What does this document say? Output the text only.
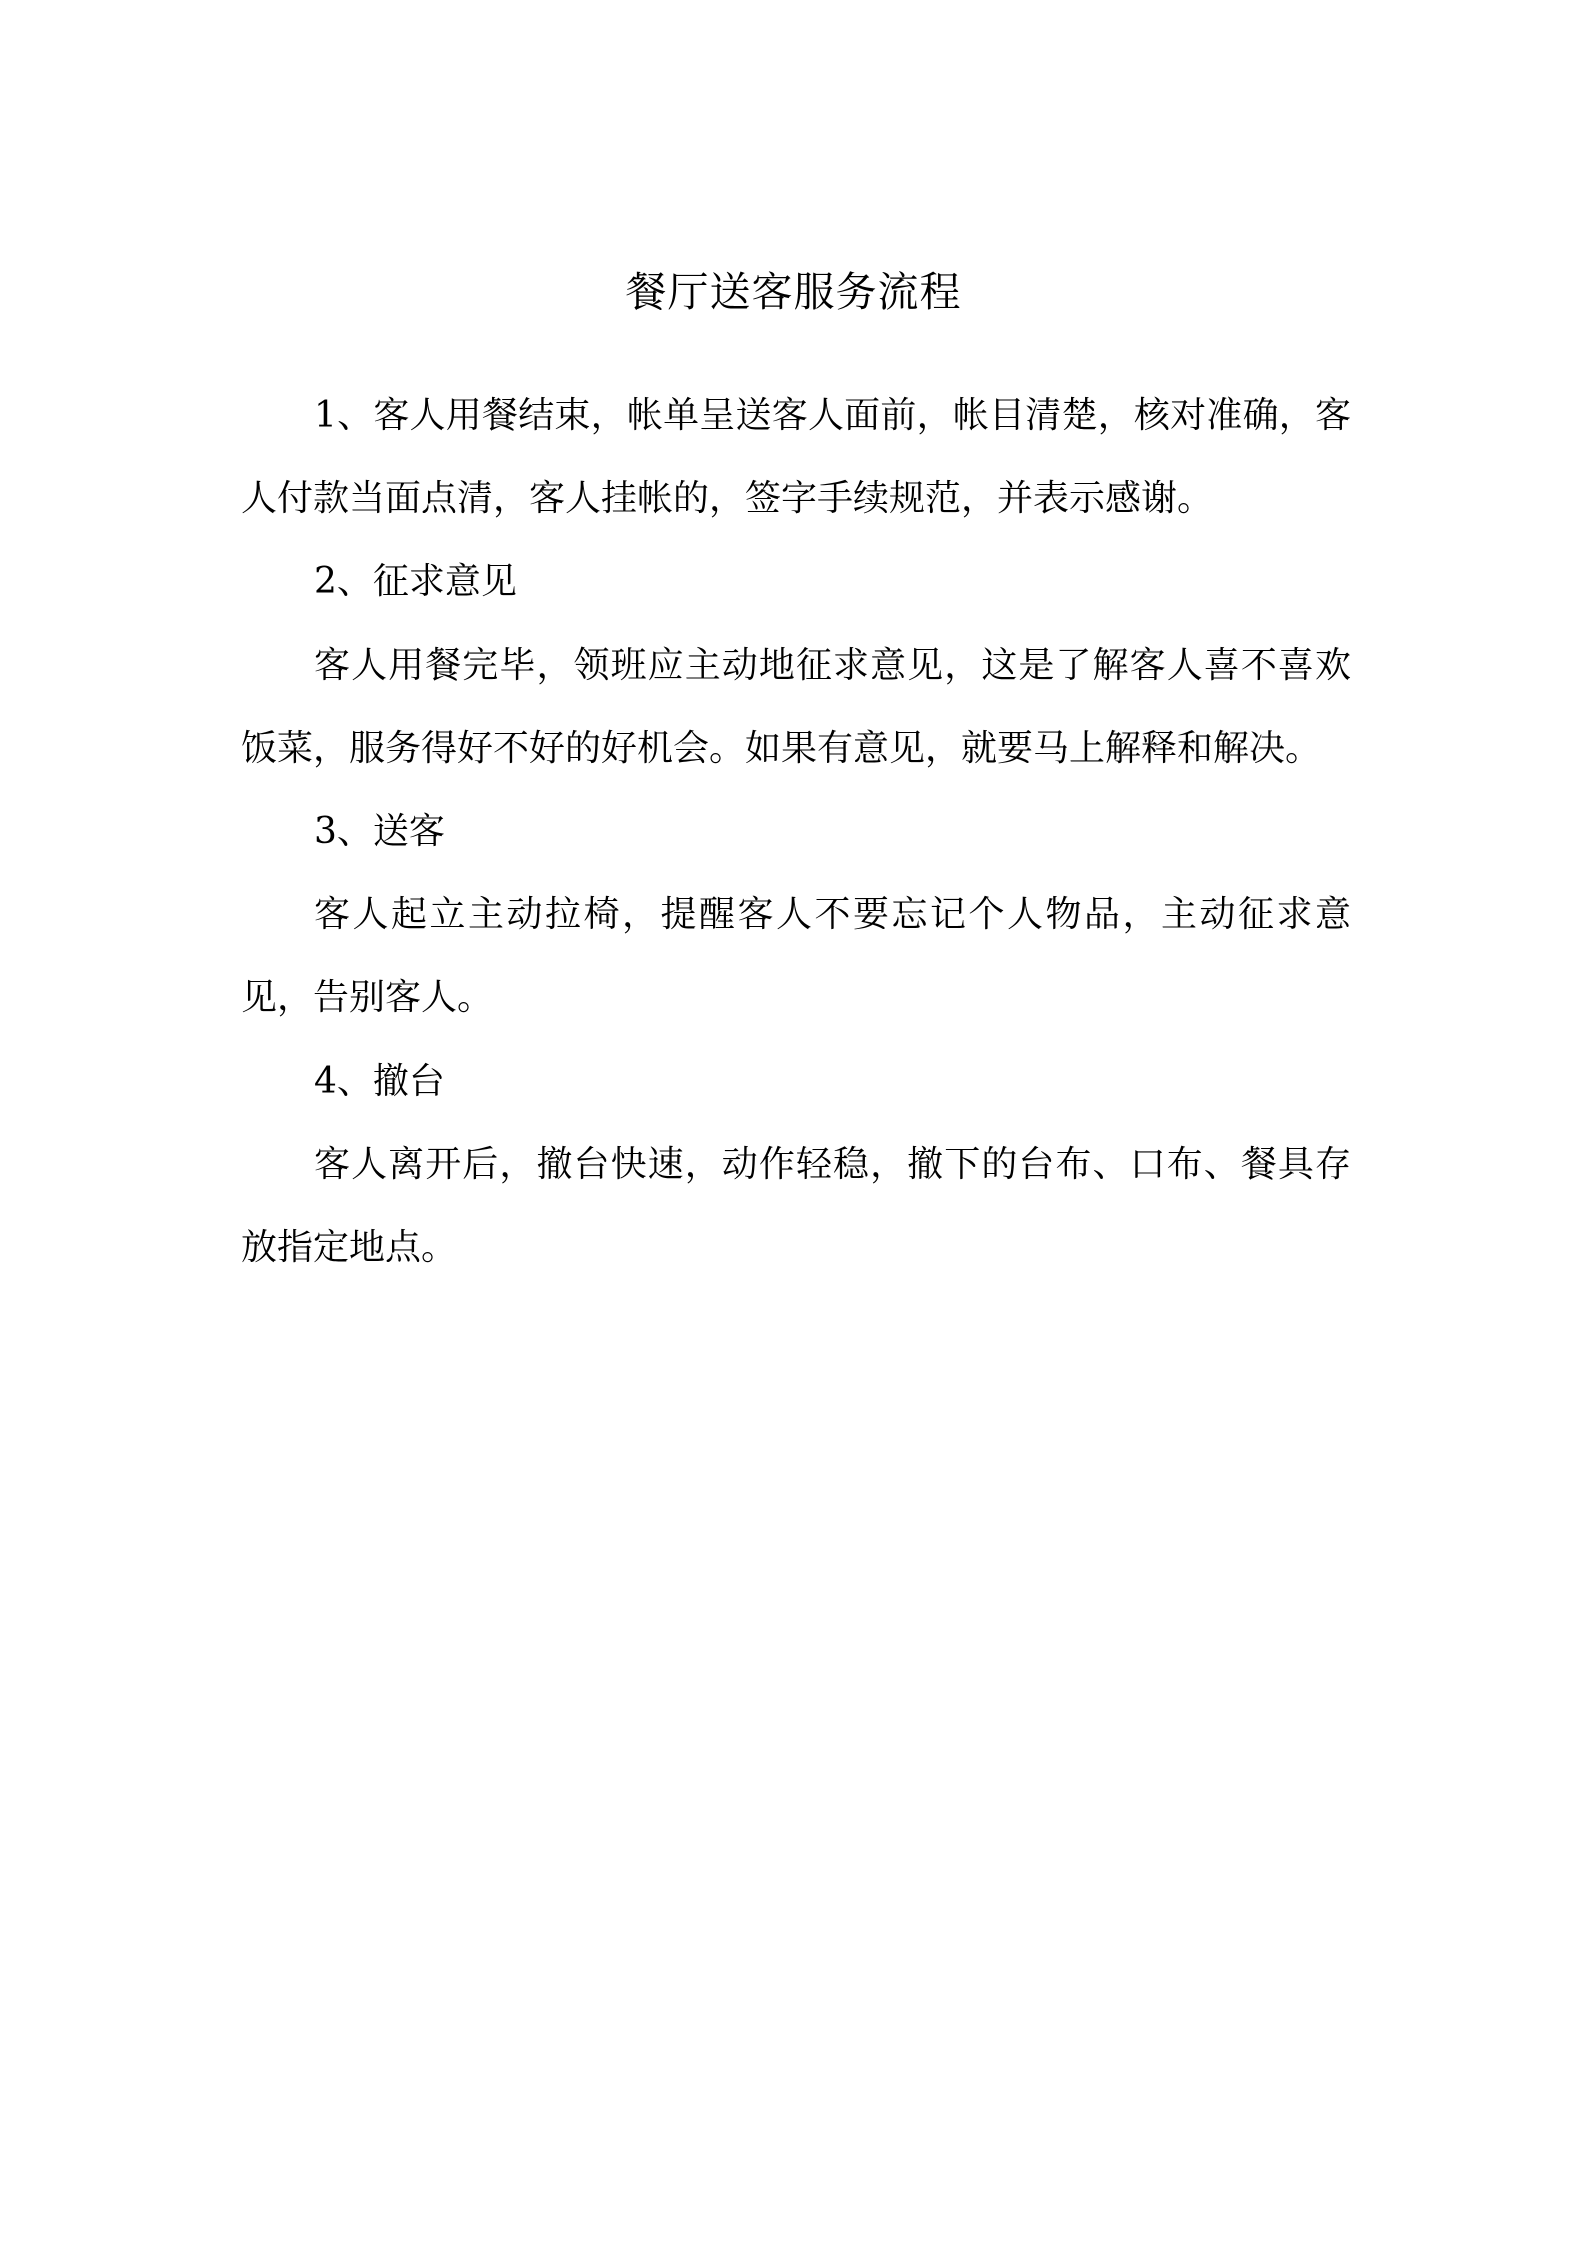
餐厅送客服务流程

1、客人用餐结束，帐单呈送客人面前，帐目清楚，核对准确，客人付款当面点清，客人挂帐的，签字手续规范，并表示感谢。

2、征求意见

客人用餐完毕，领班应主动地征求意见，这是了解客人喜不喜欢饭菜，服务得好不好的好机会。如果有意见，就要马上解释和解决。

3、送客

客人起立主动拉椅，提醒客人不要忘记个人物品，主动征求意见，告别客人。

4、撤台

客人离开后，撤台快速，动作轻稳，撤下的台布、口布、餐具存放指定地点。
